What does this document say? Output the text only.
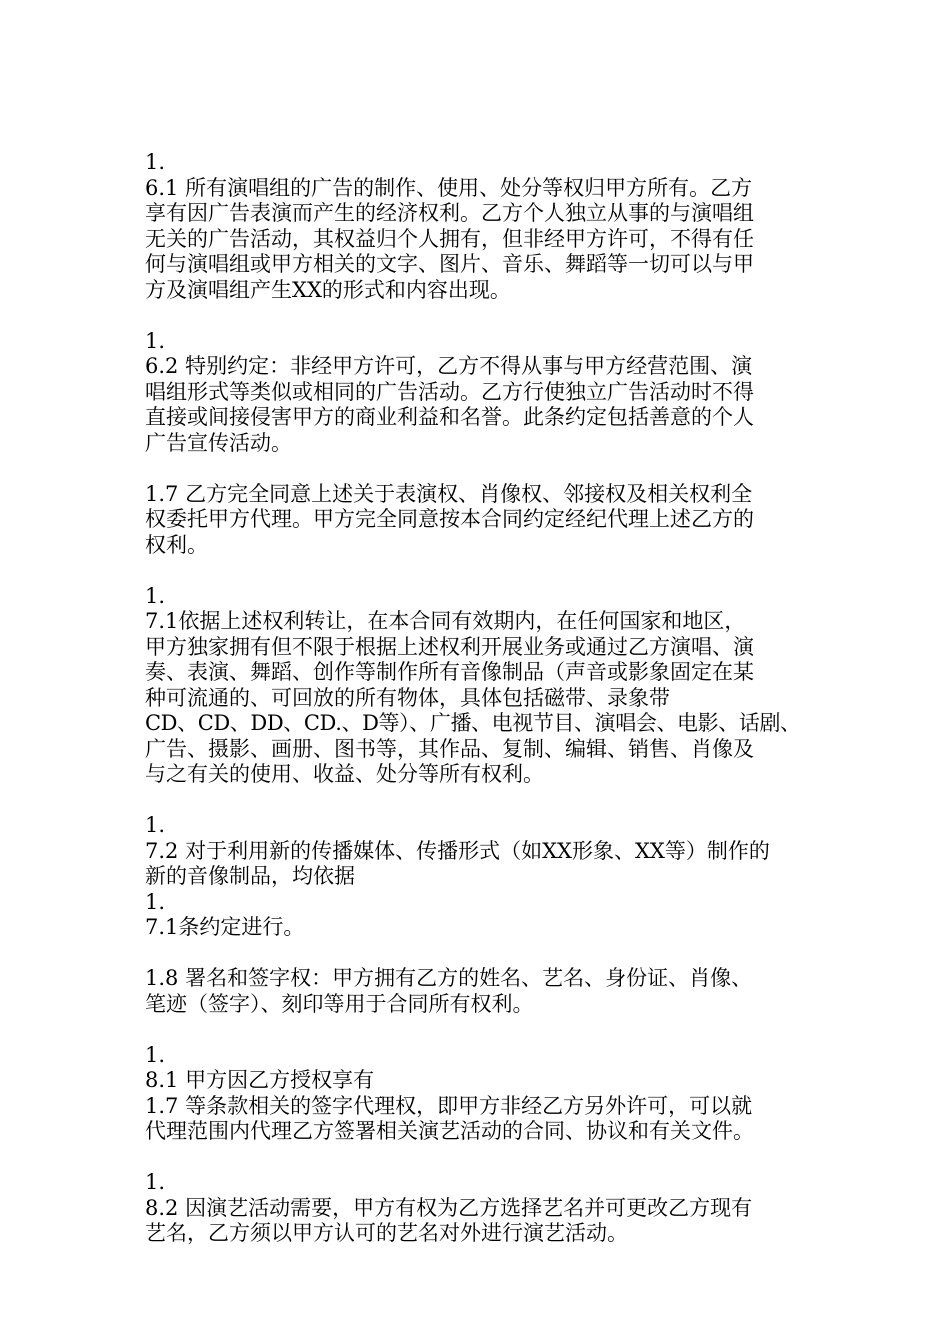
1.
6.1 所有演唱组的广告的制作、使用、处分等权归甲方所有。乙方
享有因广告表演而产生的经济权利。乙方个人独立从事的与演唱组
无关的广告活动，其权益归个人拥有，但非经甲方许可，不得有任
何与演唱组或甲方相关的文字、图片、音乐、舞蹈等一切可以与甲
方及演唱组产生XX的形式和内容出现。
1.
6.2 特别约定：非经甲方许可，乙方不得从事与甲方经营范围、演
唱组形式等类似或相同的广告活动。乙方行使独立广告活动时不得
直接或间接侵害甲方的商业利益和名誉。此条约定包括善意的个人
广告宣传活动。
1.7 乙方完全同意上述关于表演权、肖像权、邻接权及相关权利全
权委托甲方代理。甲方完全同意按本合同约定经纪代理上述乙方的
权利。
1.
7.1依据上述权利转让，在本合同有效期内，在任何国家和地区，
甲方独家拥有但不限于根据上述权利开展业务或通过乙方演唱、演
奏、表演、舞蹈、创作等制作所有音像制品（声音或影象固定在某
种可流通的、可回放的所有物体，具体包括磁带、录象带
CD、CD、DD、CD.、D等）、广播、电视节目、演唱会、电影、话剧、
广告、摄影、画册、图书等，其作品、复制、编辑、销售、肖像及
与之有关的使用、收益、处分等所有权利。
1.
7.2 对于利用新的传播媒体、传播形式（如XX形象、XX等）制作的
新的音像制品，均依据
1.
7.1条约定进行。
1.8 署名和签字权：甲方拥有乙方的姓名、艺名、身份证、肖像、
笔迹（签字）、刻印等用于合同所有权利。
1.
8.1 甲方因乙方授权享有
1.7 等条款相关的签字代理权，即甲方非经乙方另外许可，可以就
代理范围内代理乙方签署相关演艺活动的合同、协议和有关文件。
1.
8.2 因演艺活动需要，甲方有权为乙方选择艺名并可更改乙方现有
艺名，乙方须以甲方认可的艺名对外进行演艺活动。
